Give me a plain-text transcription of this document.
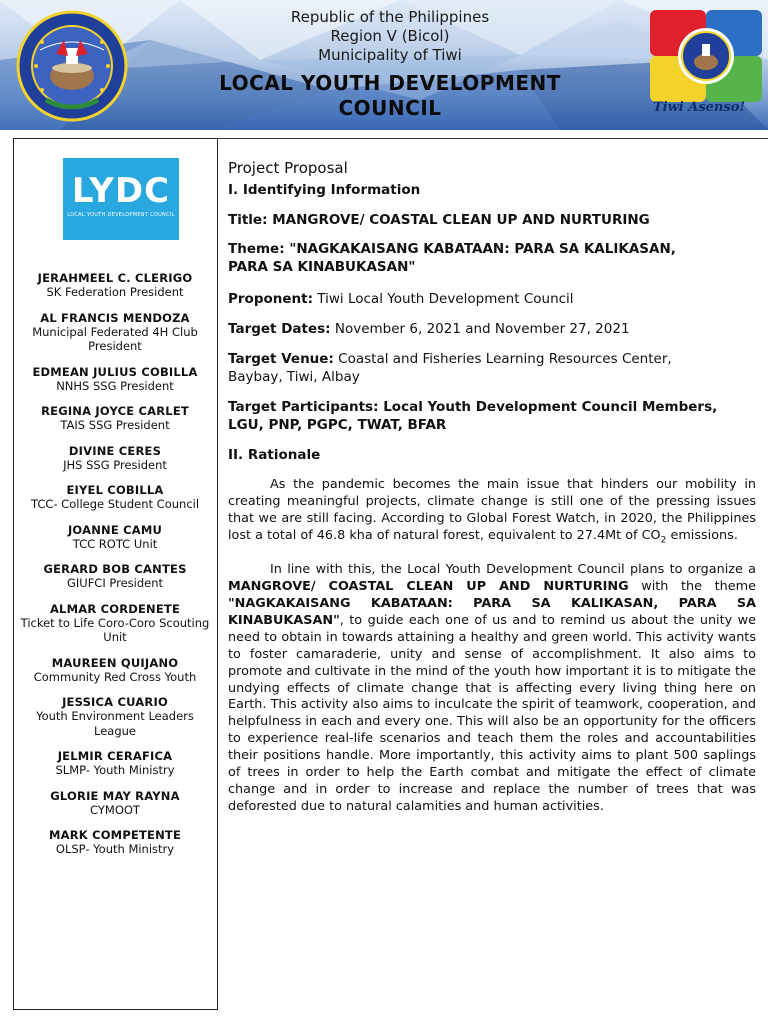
Republic of the Philippines
Region V (Bicol)
Municipality of Tiwi
LOCAL YOUTH DEVELOPMENT
COUNCIL	Tiwi Asenso!
LYDC
LOCAL YOUTH DEVELOPMENT COUNCIL
JERAHMEEL C. CLERIGO
SK Federation President
AL FRANCIS MENDOZA
Municipal Federated 4H Club President
EDMEAN JULIUS COBILLA
NNHS SSG President
REGINA JOYCE CARLET
TAIS SSG President
DIVINE CERES
JHS SSG President
EIYEL COBILLA
TCC- College Student Council
JOANNE CAMU
TCC ROTC Unit
GERARD BOB CANTES
GIUFCI President
ALMAR CORDENETE
Ticket to Life Coro-Coro Scouting Unit
MAUREEN QUIJANO
Community Red Cross Youth
JESSICA CUARIO
Youth Environment Leaders League
JELMIR CERAFICA
SLMP- Youth Ministry
GLORIE MAY RAYNA
CYMOOT
MARK COMPETENTE
OLSP- Youth Ministry
Project Proposal
I. Identifying Information
Title: MANGROVE/ COASTAL CLEAN UP AND NURTURING
Theme: "NAGKAKAISANG KABATAAN: PARA SA KALIKASAN, PARA SA KINABUKASAN"
Proponent: Tiwi Local Youth Development Council
Target Dates: November 6, 2021 and November 27, 2021
Target Venue: Coastal and Fisheries Learning Resources Center, Baybay, Tiwi, Albay
Target Participants: Local Youth Development Council Members, LGU, PNP, PGPC, TWAT, BFAR
II. Rationale

As the pandemic becomes the main issue that hinders our mobility in creating meaningful projects, climate change is still one of the pressing issues that we are still facing. According to Global Forest Watch, in 2020, the Philippines lost a total of 46.8 kha of natural forest, equivalent to 27.4Mt of $CO_2$ emissions.

In line with this, the Local Youth Development Council plans to organize a MANGROVE/ COASTAL CLEAN UP AND NURTURING with the theme "NAGKAKAISANG KABATAAN: PARA SA KALIKASAN, PARA SA KINABUKASAN", to guide each one of us and to remind us about the unity we need to obtain in towards attaining a healthy and green world. This activity wants to foster camaraderie, unity and sense of accomplishment. It also aims to promote and cultivate in the mind of the youth how important it is to mitigate the undying effects of climate change that is affecting every living thing here on Earth. This activity also aims to inculcate the spirit of teamwork, cooperation, and helpfulness in each and every one. This will also be an opportunity for the officers to experience real-life scenarios and teach them the roles and accountabilities their positions handle. More importantly, this activity aims to plant 500 saplings of trees in order to help the Earth combat and mitigate the effect of climate change and in order to increase and replace the number of trees that was deforested due to natural calamities and human activities.
